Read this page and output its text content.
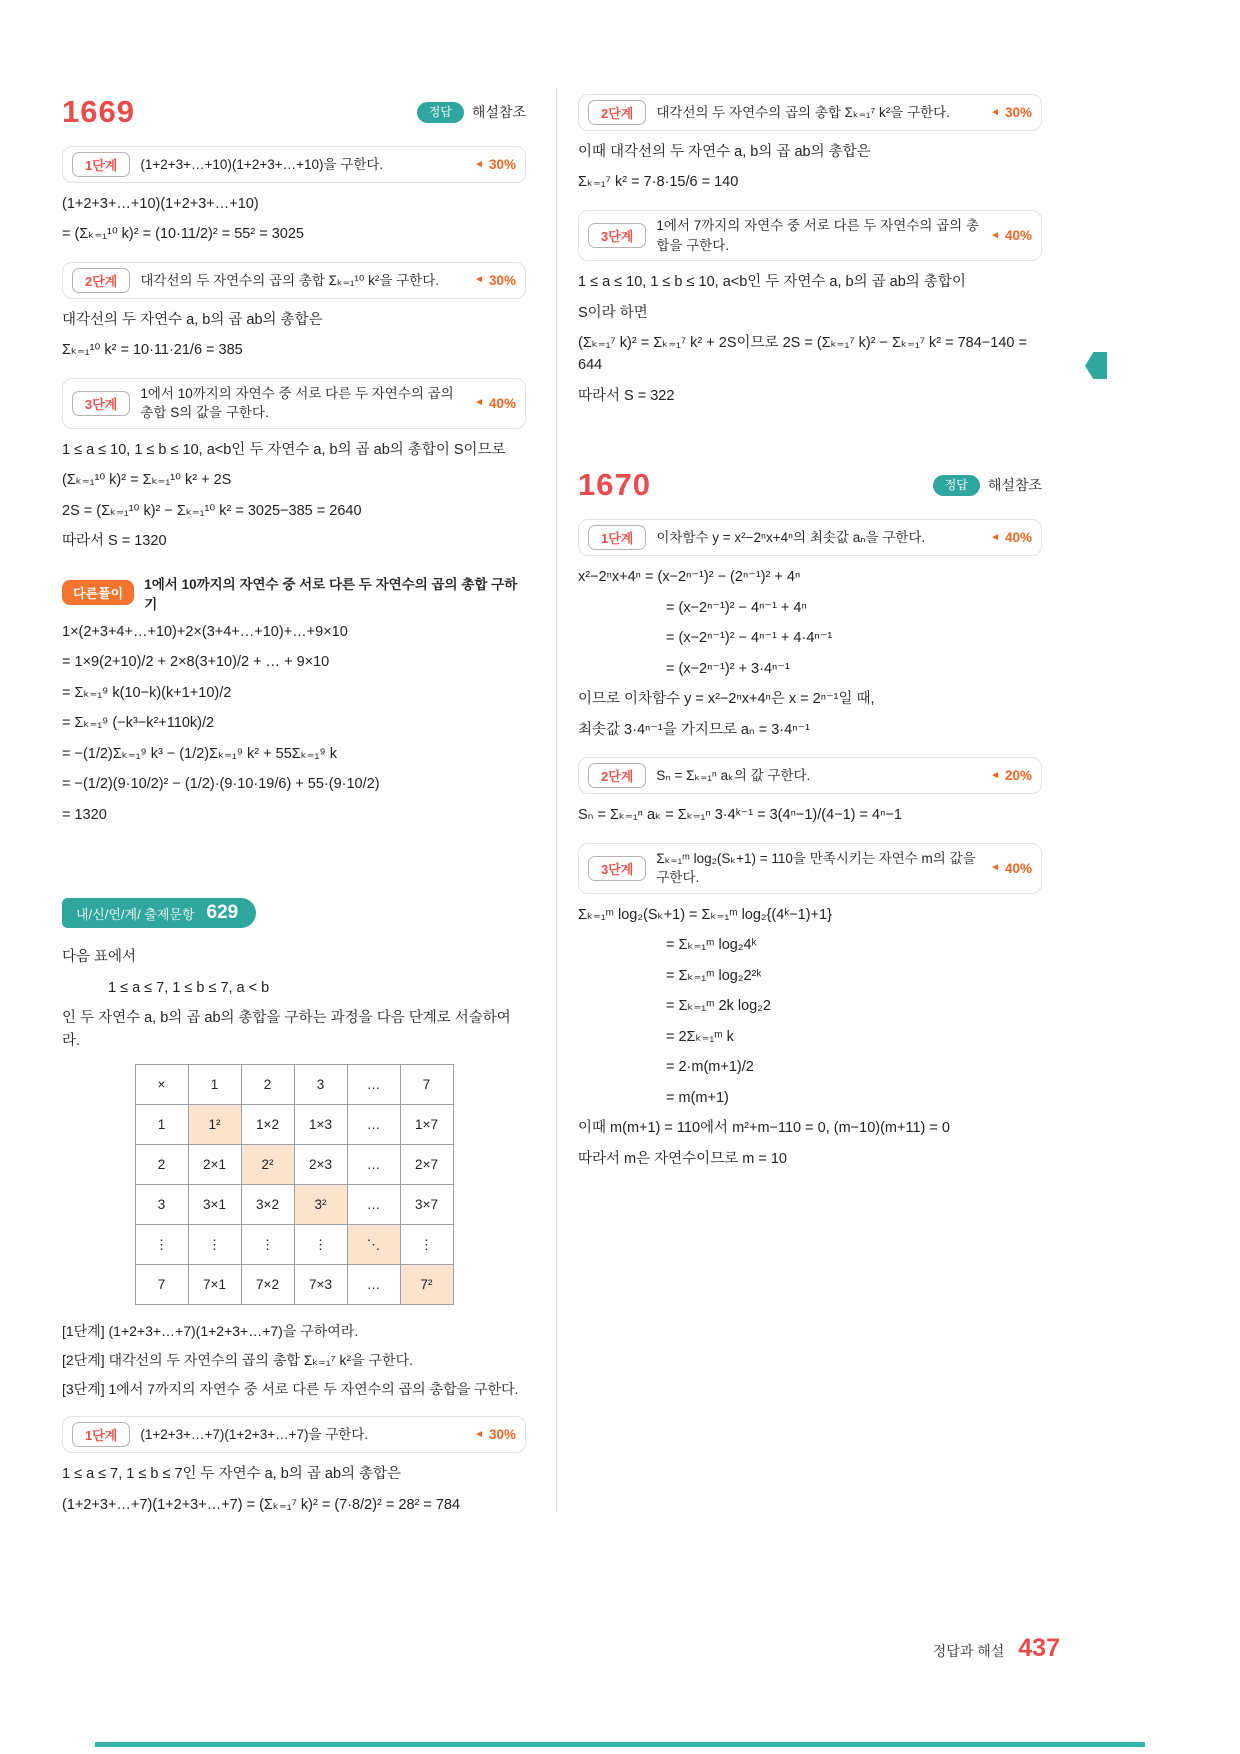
1669	정답	해설참조
1단계	(1+2+3+…+10)(1+2+3+…+10)을 구한다.	◄ 30%

(1+2+3+…+10)(1+2+3+…+10)

= (Σₖ₌₁¹⁰ k)² = (10·11/2)² = 55² = 3025

2단계	대각선의 두 자연수의 곱의 총합 Σₖ₌₁¹⁰ k²을 구한다.	◄ 30%

대각선의 두 자연수 a, b의 곱 ab의 총합은

Σₖ₌₁¹⁰ k² = 10·11·21/6 = 385

3단계
1에서 10까지의 자연수 중 서로 다른 두 자연수의 곱의 총합 S의 값을 구한다.
◄ 40%

1 ≤ a ≤ 10, 1 ≤ b ≤ 10, a<b인 두 자연수 a, b의 곱 ab의 총합이 S이므로

(Σₖ₌₁¹⁰ k)² = Σₖ₌₁¹⁰ k² + 2S

2S = (Σₖ₌₁¹⁰ k)² − Σₖ₌₁¹⁰ k² = 3025−385 = 2640

따라서 S = 1320

다른풀이
1에서 10까지의 자연수 중 서로 다른 두 자연수의 곱의 총합 구하기

1×(2+3+4+…+10)+2×(3+4+…+10)+…+9×10

= 1×9(2+10)/2 + 2×8(3+10)/2 + … + 9×10

= Σₖ₌₁⁹ k(10−k)(k+1+10)/2

= Σₖ₌₁⁹ (−k³−k²+110k)/2

= −(1/2)Σₖ₌₁⁹ k³ − (1/2)Σₖ₌₁⁹ k² + 55Σₖ₌₁⁹ k

= −(1/2)(9·10/2)² − (1/2)·(9·10·19/6) + 55·(9·10/2)

= 1320

내/신/연/계/ 출제문항 629

다음 표에서

1 ≤ a ≤ 7, 1 ≤ b ≤ 7, a < b

인 두 자연수 a, b의 곱 ab의 총합을 구하는 과정을 다음 단계로 서술하여라.

×	1	2	3	…	7
1	1²	1×2	1×3	…	1×7
2	2×1	2²	2×3	…	2×7
3	3×1	3×2	3²	…	3×7
⋮	⋮	⋮	⋮	⋱	⋮
7	7×1	7×2	7×3	…	7²

[1단계] (1+2+3+…+7)(1+2+3+…+7)을 구하여라.

[2단계] 대각선의 두 자연수의 곱의 총합 Σₖ₌₁⁷ k²을 구한다.

[3단계] 1에서 7까지의 자연수 중 서로 다른 두 자연수의 곱의 총합을 구한다.

1단계	(1+2+3+…+7)(1+2+3+…+7)을 구한다.	◄ 30%

1 ≤ a ≤ 7, 1 ≤ b ≤ 7인 두 자연수 a, b의 곱 ab의 총합은

(1+2+3+…+7)(1+2+3+…+7) = (Σₖ₌₁⁷ k)² = (7·8/2)² = 28² = 784

2단계	대각선의 두 자연수의 곱의 총합 Σₖ₌₁⁷ k²을 구한다.	◄ 30%

이때 대각선의 두 자연수 a, b의 곱 ab의 총합은

Σₖ₌₁⁷ k² = 7·8·15/6 = 140

3단계
1에서 7까지의 자연수 중 서로 다른 두 자연수의 곱의 총합을 구한다.
◄ 40%

1 ≤ a ≤ 10, 1 ≤ b ≤ 10, a<b인 두 자연수 a, b의 곱 ab의 총합이

S이라 하면

(Σₖ₌₁⁷ k)² = Σₖ₌₁⁷ k² + 2S이므로 2S = (Σₖ₌₁⁷ k)² − Σₖ₌₁⁷ k² = 784−140 = 644

따라서 S = 322

1670	정답	해설참조
1단계	이차함수 y = x²−2ⁿx+4ⁿ의 최솟값 aₙ을 구한다.	◄ 40%

x²−2ⁿx+4ⁿ = (x−2ⁿ⁻¹)² − (2ⁿ⁻¹)² + 4ⁿ

= (x−2ⁿ⁻¹)² − 4ⁿ⁻¹ + 4ⁿ

= (x−2ⁿ⁻¹)² − 4ⁿ⁻¹ + 4·4ⁿ⁻¹

= (x−2ⁿ⁻¹)² + 3·4ⁿ⁻¹

이므로 이차함수 y = x²−2ⁿx+4ⁿ은 x = 2ⁿ⁻¹일 때,

최솟값 3·4ⁿ⁻¹을 가지므로 aₙ = 3·4ⁿ⁻¹

2단계	Sₙ = Σₖ₌₁ⁿ aₖ의 값 구한다.	◄ 20%

Sₙ = Σₖ₌₁ⁿ aₖ = Σₖ₌₁ⁿ 3·4ᵏ⁻¹ = 3(4ⁿ−1)/(4−1) = 4ⁿ−1

3단계
Σₖ₌₁ᵐ log₂(Sₖ+1) = 110을 만족시키는 자연수 m의 값을 구한다.
◄ 40%

Σₖ₌₁ᵐ log₂(Sₖ+1) = Σₖ₌₁ᵐ log₂{(4ᵏ−1)+1}

= Σₖ₌₁ᵐ log₂4ᵏ

= Σₖ₌₁ᵐ log₂2²ᵏ

= Σₖ₌₁ᵐ 2k log₂2

= 2Σₖ₌₁ᵐ k

= 2·m(m+1)/2

= m(m+1)

이때 m(m+1) = 110에서 m²+m−110 = 0, (m−10)(m+11) = 0

따라서 m은 자연수이므로 m = 10

정답과 해설 437
